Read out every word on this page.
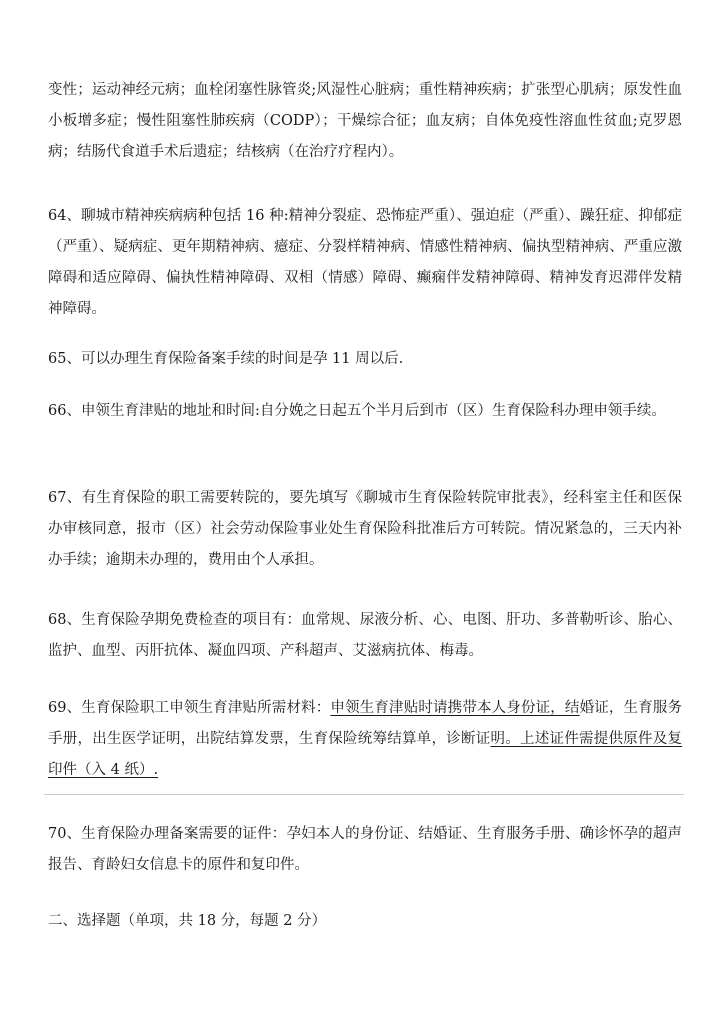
变性；运动神经元病；血栓闭塞性脉管炎;风湿性心脏病；重性精神疾病；扩张型心肌病；原发性血小板增多症；慢性阻塞性肺疾病（CODP）；干燥综合征；血友病；自体免疫性溶血性贫血;克罗恩病；结肠代食道手术后遗症；结核病（在治疗疗程内）。

64、聊城市精神疾病病种包括 16 种:精神分裂症、恐怖症严重）、强迫症（严重）、躁狂症、抑郁症（严重）、疑病症、更年期精神病、癔症、分裂样精神病、情感性精神病、偏执型精神病、严重应激障碍和适应障碍、偏执性精神障碍、双相（情感）障碍、癫痫伴发精神障碍、精神发育迟滞伴发精神障碍。

65、可以办理生育保险备案手续的时间是孕 11 周以后.

66、申领生育津贴的地址和时间:自分娩之日起五个半月后到市（区）生育保险科办理申领手续。

67、有生育保险的职工需要转院的，要先填写《聊城市生育保险转院审批表》，经科室主任和医保办审核同意，报市（区）社会劳动保险事业处生育保险科批准后方可转院。情况紧急的，三天内补办手续；逾期未办理的，费用由个人承担。

68、生育保险孕期免费检查的项目有：血常规、尿液分析、心、电图、肝功、多普勒听诊、胎心、监护、血型、丙肝抗体、凝血四项、产科超声、艾滋病抗体、梅毒。

69、生育保险职工申领生育津贴所需材料：申领生育津贴时请携带本人身份证，结婚证，生育服务手册，出生医学证明，出院结算发票，生育保险统筹结算单，诊断证明。上述证件需提供原件及复印件（入 4 纸）.

70、生育保险办理备案需要的证件：孕妇本人的身份证、结婚证、生育服务手册、确诊怀孕的超声报告、育龄妇女信息卡的原件和复印件。

二、选择题（单项，共 18 分，每题 2 分）
